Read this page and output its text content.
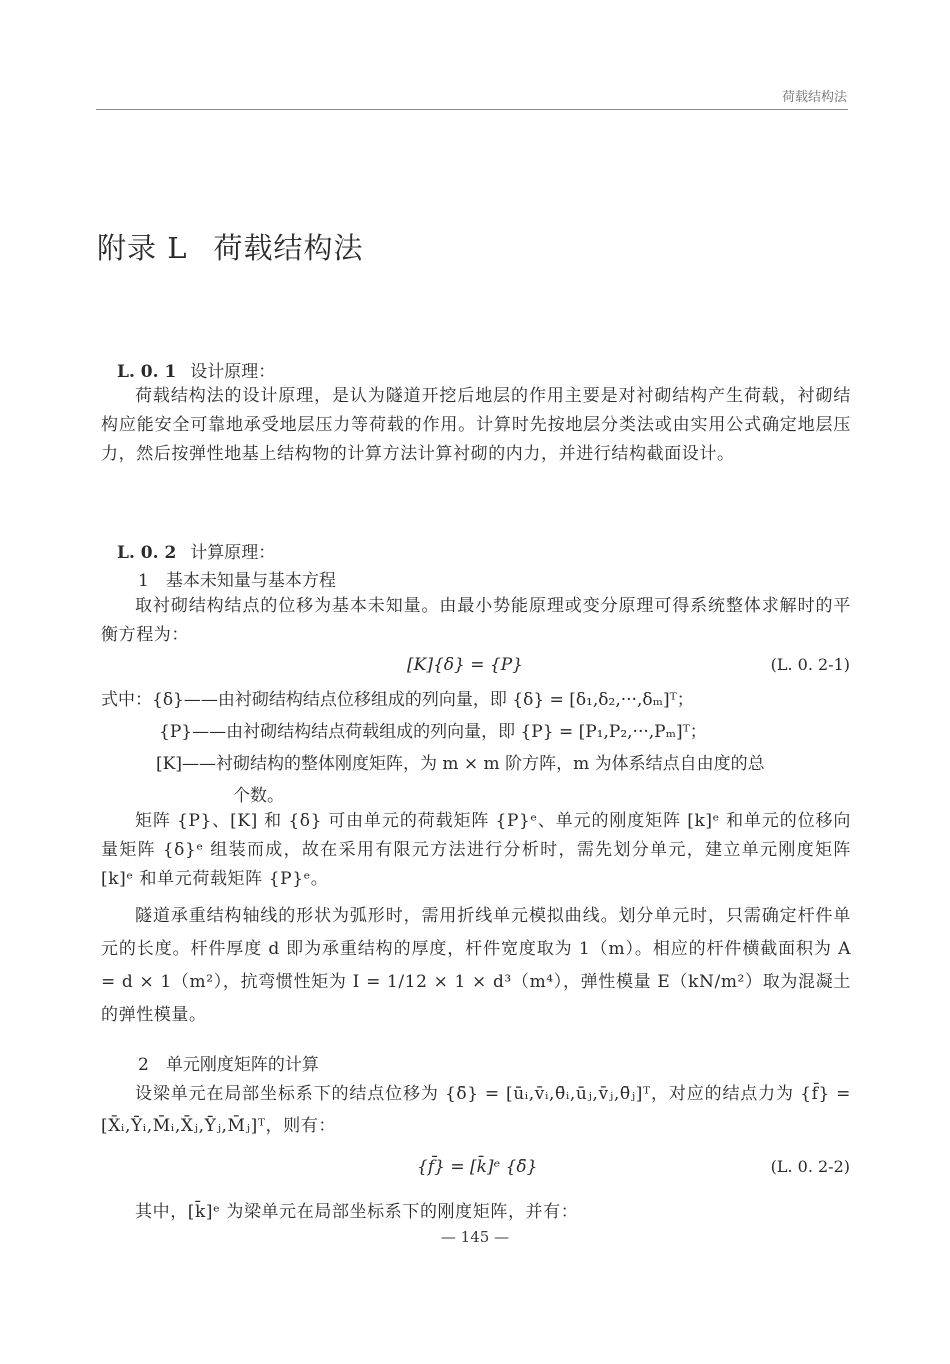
荷载结构法
附录 L 荷载结构法
L. 0. 1 设计原理：

荷载结构法的设计原理，是认为隧道开挖后地层的作用主要是对衬砌结构产生荷载，衬砌结构应能安全可靠地承受地层压力等荷载的作用。计算时先按地层分类法或由实用公式确定地层压力，然后按弹性地基上结构物的计算方法计算衬砌的内力，并进行结构截面设计。

L. 0. 2 计算原理：
1　基本未知量与基本方程

取衬砌结构结点的位移为基本未知量。由最小势能原理或变分原理可得系统整体求解时的平衡方程为：

[K]{δ} = {P}	(L. 0. 2-1)
式中：{δ}——由衬砌结构结点位移组成的列向量，即 {δ} = [δ₁,δ₂,···,δₘ]ᵀ；
{P}——由衬砌结构结点荷载组成的列向量，即 {P} = [P₁,P₂,···,Pₘ]ᵀ；
[K]——衬砌结构的整体刚度矩阵，为 m × m 阶方阵，m 为体系结点自由度的总
个数。

矩阵 {P}、[K] 和 {δ} 可由单元的荷载矩阵 {P}ᵉ、单元的刚度矩阵 [k]ᵉ 和单元的位移向量矩阵 {δ}ᵉ 组装而成，故在采用有限元方法进行分析时，需先划分单元，建立单元刚度矩阵 [k]ᵉ 和单元荷载矩阵 {P}ᵉ。

隧道承重结构轴线的形状为弧形时，需用折线单元模拟曲线。划分单元时，只需确定杆件单元的长度。杆件厚度 d 即为承重结构的厚度，杆件宽度取为 1（m）。相应的杆件横截面积为 A = d × 1（m²），抗弯惯性矩为 I = 1/12 × 1 × d³（m⁴），弹性模量 E（kN/m²）取为混凝土的弹性模量。

2　单元刚度矩阵的计算

设梁单元在局部坐标系下的结点位移为 {δ̄} = [ūᵢ,v̄ᵢ,θ̄ᵢ,ūⱼ,v̄ⱼ,θ̄ⱼ]ᵀ，对应的结点力为 {f̄} = [X̄ᵢ,Ȳᵢ,M̄ᵢ,X̄ⱼ,Ȳⱼ,M̄ⱼ]ᵀ，则有：

{f̄} = [k̄]ᵉ {δ̄}	(L. 0. 2-2)

其中，[k̄]ᵉ 为梁单元在局部坐标系下的刚度矩阵，并有：

— 145 —
